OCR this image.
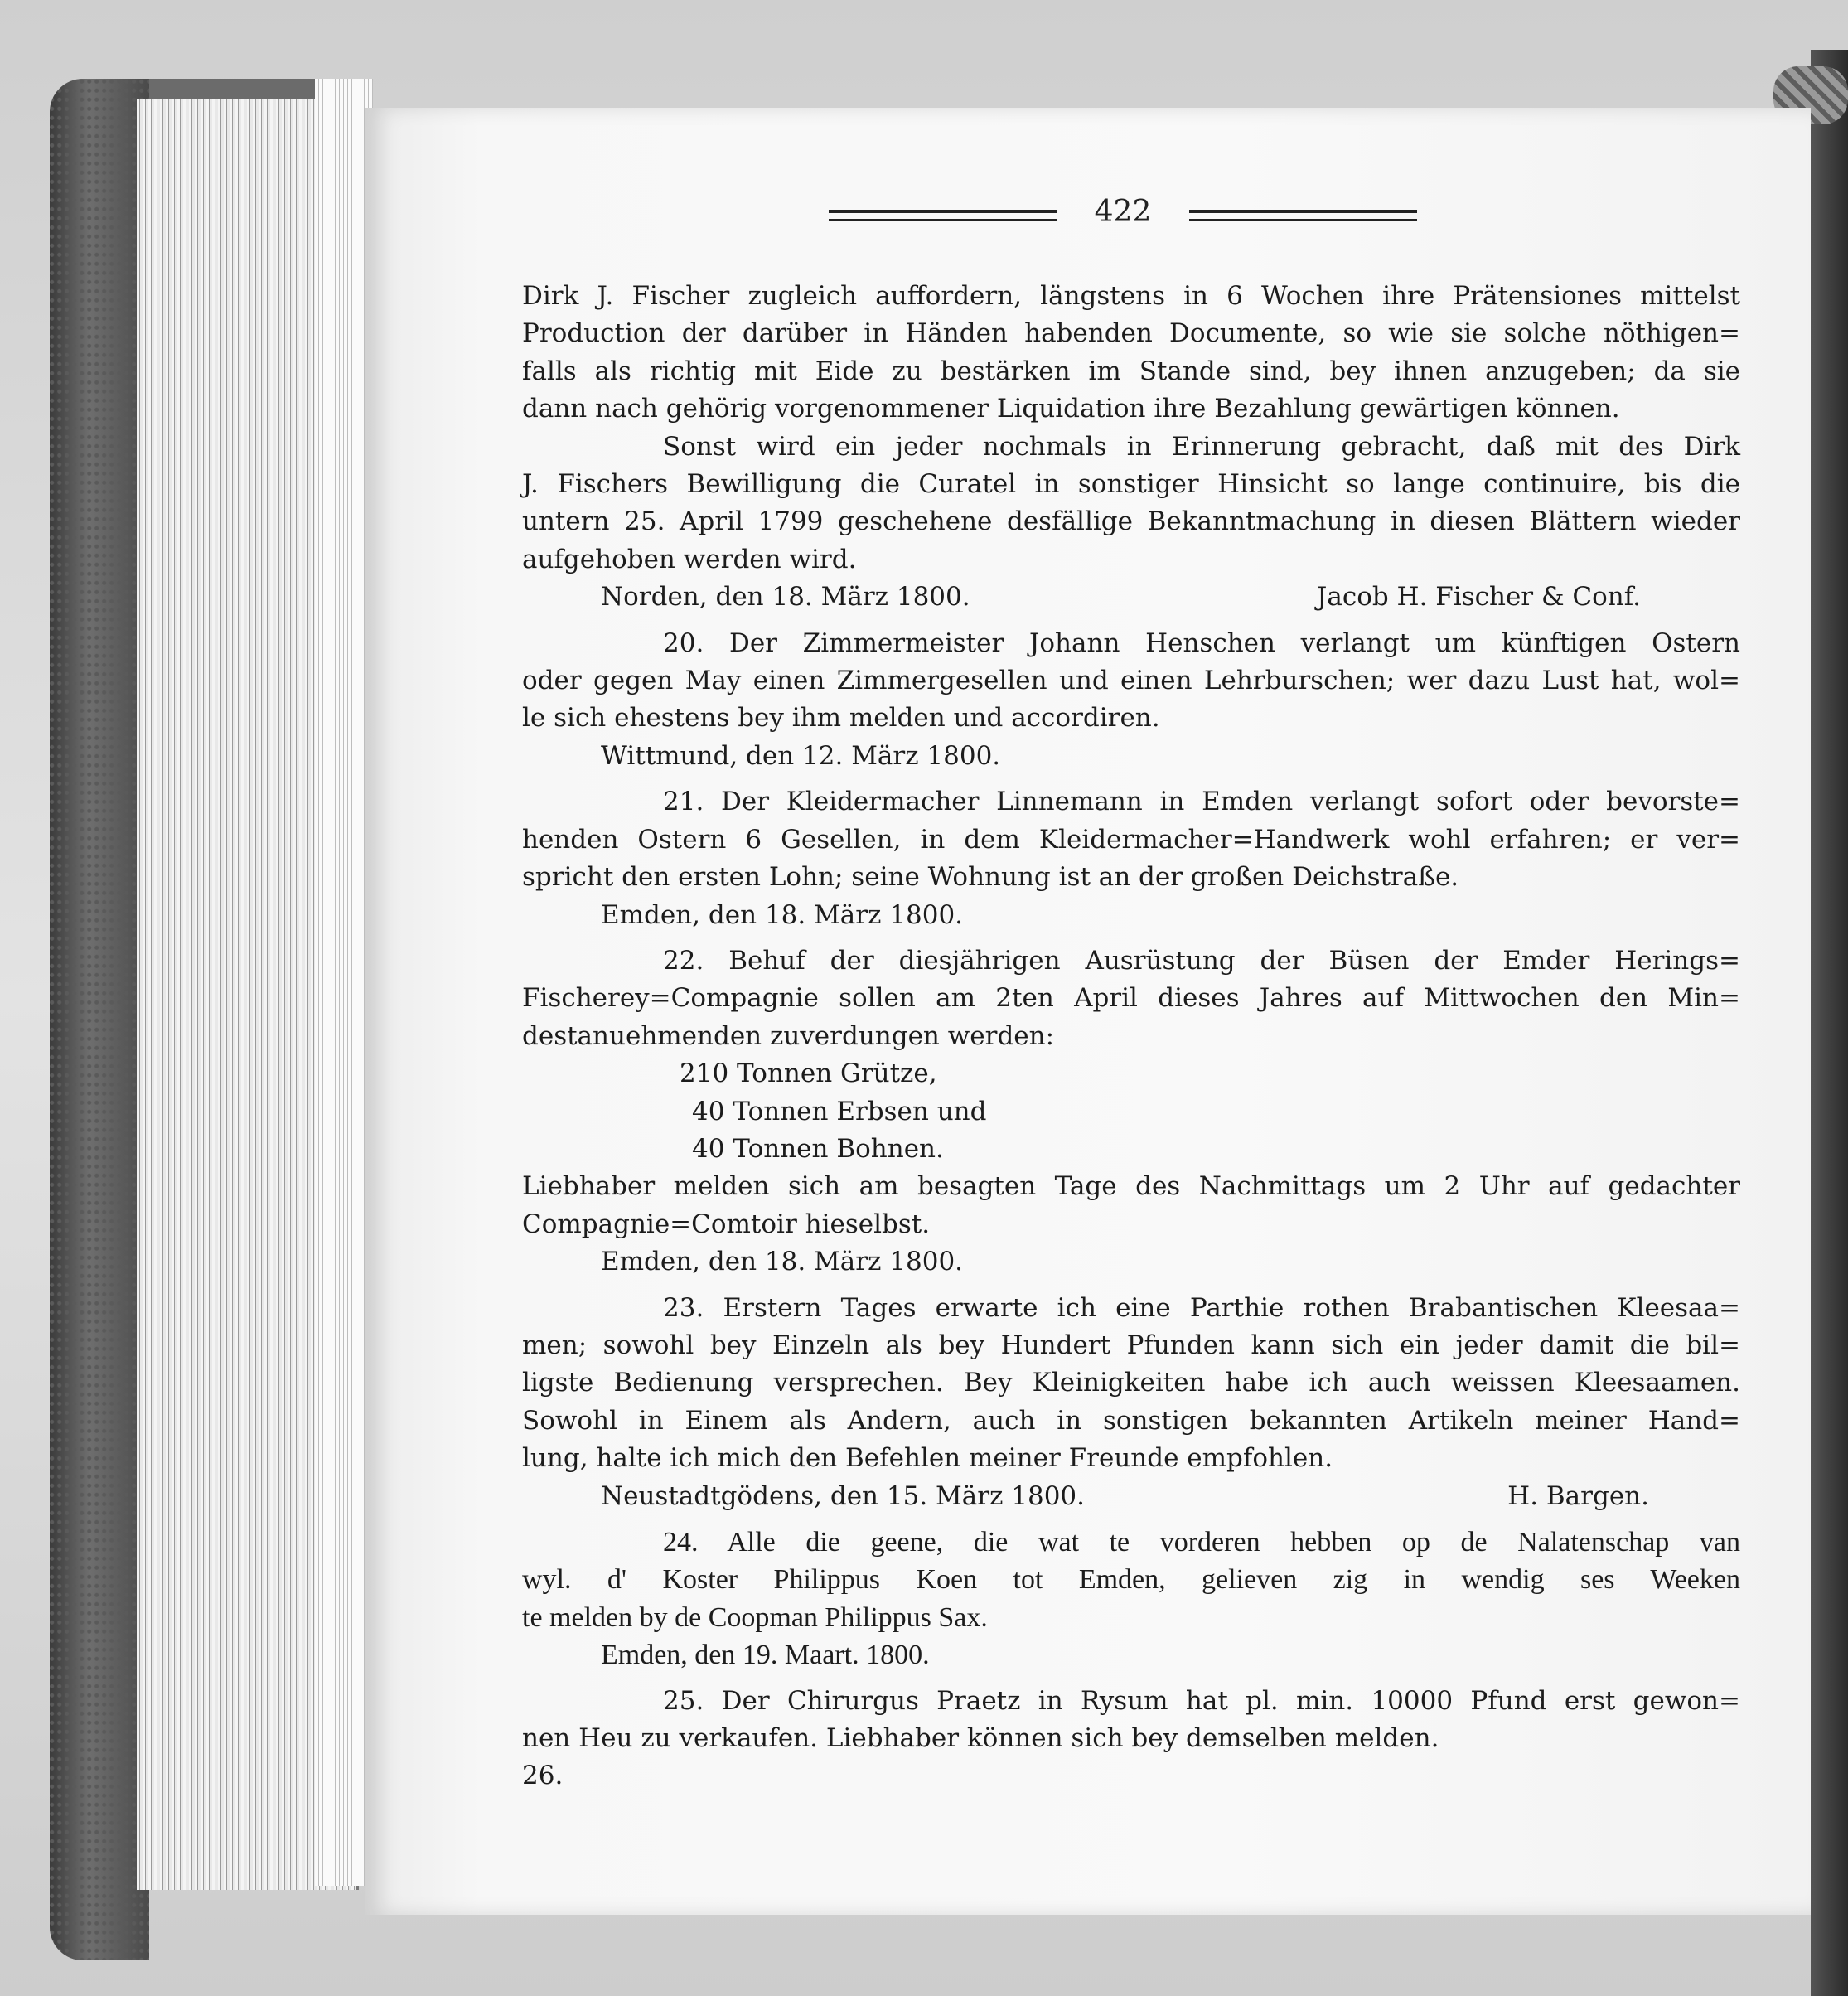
422
Dirk J. Fischer zugleich auffordern, längstens in 6 Wochen ihre Prätensiones mittelst
Production der darüber in Händen habenden Documente, so wie sie solche nöthigen=
falls als richtig mit Eide zu bestärken im Stande sind, bey ihnen anzugeben; da sie
dann nach gehörig vorgenommener Liquidation ihre Bezahlung gewärtigen können.
Sonst wird ein jeder nochmals in Erinnerung gebracht, daß mit des Dirk
J. Fischers Bewilligung die Curatel in sonstiger Hinsicht so lange continuire, bis die
untern 25. April 1799 geschehene desfällige Bekanntmachung in diesen Blättern wieder
aufgehoben werden wird.
Norden, den 18. März 1800.	Jacob H. Fischer & Conf.
20. Der Zimmermeister Johann Henschen verlangt um künftigen Ostern
oder gegen May einen Zimmergesellen und einen Lehrburschen; wer dazu Lust hat, wol=
le sich ehestens bey ihm melden und accordiren.
Wittmund, den 12. März 1800.
21. Der Kleidermacher Linnemann in Emden verlangt sofort oder bevorste=
henden Ostern 6 Gesellen, in dem Kleidermacher=Handwerk wohl erfahren; er ver=
spricht den ersten Lohn; seine Wohnung ist an der großen Deichstraße.
Emden, den 18. März 1800.
22. Behuf der diesjährigen Ausrüstung der Büsen der Emder Herings=
Fischerey=Compagnie sollen am 2ten April dieses Jahres auf Mittwochen den Min=
destanuehmenden zuverdungen werden:
210 Tonnen Grütze,
40 Tonnen Erbsen und
40 Tonnen Bohnen.
Liebhaber melden sich am besagten Tage des Nachmittags um 2 Uhr auf gedachter
Compagnie=Comtoir hieselbst.
Emden, den 18. März 1800.
23. Erstern Tages erwarte ich eine Parthie rothen Brabantischen Kleesaa=
men; sowohl bey Einzeln als bey Hundert Pfunden kann sich ein jeder damit die bil=
ligste Bedienung versprechen. Bey Kleinigkeiten habe ich auch weissen Kleesaamen.
Sowohl in Einem als Andern, auch in sonstigen bekannten Artikeln meiner Hand=
lung, halte ich mich den Befehlen meiner Freunde empfohlen.
Neustadtgödens, den 15. März 1800.	H. Bargen.
24. Alle die geene, die wat te vorderen hebben op de Nalatenschap van
wyl. d' Koster Philippus Koen tot Emden, gelieven zig in wendig ses Weeken
te melden by de Coopman Philippus Sax.
Emden, den 19. Maart. 1800.
25. Der Chirurgus Praetz in Rysum hat pl. min. 10000 Pfund erst gewon=
nen Heu zu verkaufen. Liebhaber können sich bey demselben melden.
26.
